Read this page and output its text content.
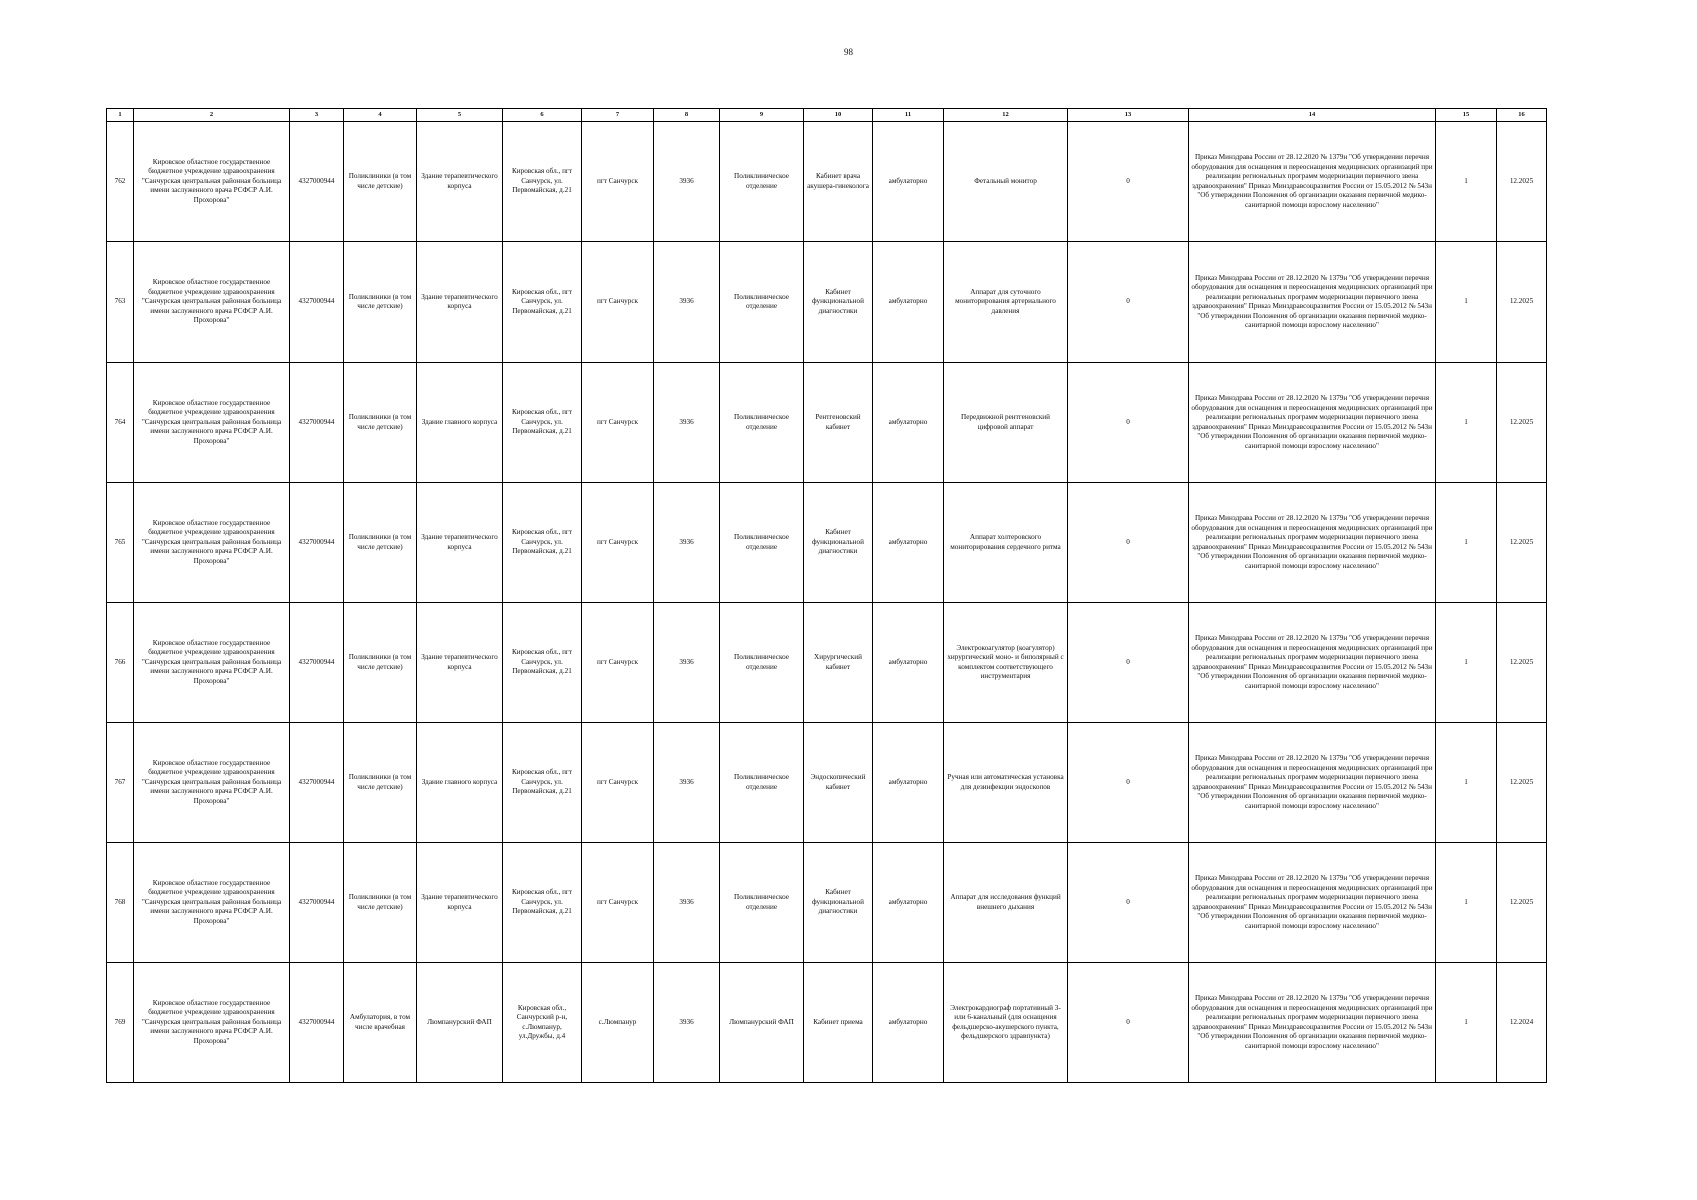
98
1	2	3	4	5	6	7	8	9	10	11	12	13	14	15	16
762	Кировское областное государственное бюджетное учреждение здравоохранения "Санчурская центральная районная больница имени заслуженного врача РСФСР А.И. Прохорова"	4327000944	Поликлиники (в том числе детские)	Здание терапевтического корпуса	Кировская обл., пгт Санчурск, ул. Первомайская, д.21	пгт Санчурск	3936	Поликлиническое отделение	Кабинет врача акушера-гинеколога	амбулаторно	Фетальный монитор	0	Приказ Минздрава России от 28.12.2020 № 1379н "Об утверждении перечня оборудования для оснащения и переоснащения медицинских организаций при реализации региональных программ модернизации первичного звена здравоохранения" Приказ Минздравсоцразвития России от 15.05.2012 № 543н "Об утверждении Положения об организации оказания первичной медико-санитарной помощи взрослому населению"	1	12.2025
763	Кировское областное государственное бюджетное учреждение здравоохранения "Санчурская центральная районная больница имени заслуженного врача РСФСР А.И. Прохорова"	4327000944	Поликлиники (в том числе детские)	Здание терапевтического корпуса	Кировская обл., пгт Санчурск, ул. Первомайская, д.21	пгт Санчурск	3936	Поликлиническое отделение	Кабинет функциональной диагностики	амбулаторно	Аппарат для суточного мониторирования артериального давления	0	Приказ Минздрава России от 28.12.2020 № 1379н "Об утверждении перечня оборудования для оснащения и переоснащения медицинских организаций при реализации региональных программ модернизации первичного звена здравоохранения" Приказ Минздравсоцразвития России от 15.05.2012 № 543н "Об утверждении Положения об организации оказания первичной медико-санитарной помощи взрослому населению"	1	12.2025
764	Кировское областное государственное бюджетное учреждение здравоохранения "Санчурская центральная районная больница имени заслуженного врача РСФСР А.И. Прохорова"	4327000944	Поликлиники (в том числе детские)	Здание главного корпуса	Кировская обл., пгт Санчурск, ул. Первомайская, д.21	пгт Санчурск	3936	Поликлиническое отделение	Рентгеновский кабинет	амбулаторно	Передвижной рентгеновский цифровой аппарат	0	Приказ Минздрава России от 28.12.2020 № 1379н "Об утверждении перечня оборудования для оснащения и переоснащения медицинских организаций при реализации региональных программ модернизации первичного звена здравоохранения" Приказ Минздравсоцразвития России от 15.05.2012 № 543н "Об утверждении Положения об организации оказания первичной медико-санитарной помощи взрослому населению"	1	12.2025
765	Кировское областное государственное бюджетное учреждение здравоохранения "Санчурская центральная районная больница имени заслуженного врача РСФСР А.И. Прохорова"	4327000944	Поликлиники (в том числе детские)	Здание терапевтического корпуса	Кировская обл., пгт Санчурск, ул. Первомайская, д.21	пгт Санчурск	3936	Поликлиническое отделение	Кабинет функциональной диагностики	амбулаторно	Аппарат холтеровского мониторирования сердечного ритма	0	Приказ Минздрава России от 28.12.2020 № 1379н "Об утверждении перечня оборудования для оснащения и переоснащения медицинских организаций при реализации региональных программ модернизации первичного звена здравоохранения" Приказ Минздравсоцразвития России от 15.05.2012 № 543н "Об утверждении Положения об организации оказания первичной медико-санитарной помощи взрослому населению"	1	12.2025
766	Кировское областное государственное бюджетное учреждение здравоохранения "Санчурская центральная районная больница имени заслуженного врача РСФСР А.И. Прохорова"	4327000944	Поликлиники (в том числе детские)	Здание терапевтического корпуса	Кировская обл., пгт Санчурск, ул. Первомайская, д.21	пгт Санчурск	3936	Поликлиническое отделение	Хирургический кабинет	амбулаторно	Электрокоагулятор (коагулятор) хирургический моно- и биполярный с комплектом соответствующего инструментария	0	Приказ Минздрава России от 28.12.2020 № 1379н "Об утверждении перечня оборудования для оснащения и переоснащения медицинских организаций при реализации региональных программ модернизации первичного звена здравоохранения" Приказ Минздравсоцразвития России от 15.05.2012 № 543н "Об утверждении Положения об организации оказания первичной медико-санитарной помощи взрослому населению"	1	12.2025
767	Кировское областное государственное бюджетное учреждение здравоохранения "Санчурская центральная районная больница имени заслуженного врача РСФСР А.И. Прохорова"	4327000944	Поликлиники (в том числе детские)	Здание главного корпуса	Кировская обл., пгт Санчурск, ул. Первомайская, д.21	пгт Санчурск	3936	Поликлиническое отделение	Эндоскопический кабинет	амбулаторно	Ручная или автоматическая установка для дезинфекции эндоскопов	0	Приказ Минздрава России от 28.12.2020 № 1379н "Об утверждении перечня оборудования для оснащения и переоснащения медицинских организаций при реализации региональных программ модернизации первичного звена здравоохранения" Приказ Минздравсоцразвития России от 15.05.2012 № 543н "Об утверждении Положения об организации оказания первичной медико-санитарной помощи взрослому населению"	1	12.2025
768	Кировское областное государственное бюджетное учреждение здравоохранения "Санчурская центральная районная больница имени заслуженного врача РСФСР А.И. Прохорова"	4327000944	Поликлиники (в том числе детские)	Здание терапевтического корпуса	Кировская обл., пгт Санчурск, ул. Первомайская, д.21	пгт Санчурск	3936	Поликлиническое отделение	Кабинет функциональной диагностики	амбулаторно	Аппарат для исследования функций внешнего дыхания	0	Приказ Минздрава России от 28.12.2020 № 1379н "Об утверждении перечня оборудования для оснащения и переоснащения медицинских организаций при реализации региональных программ модернизации первичного звена здравоохранения" Приказ Минздравсоцразвития России от 15.05.2012 № 543н "Об утверждении Положения об организации оказания первичной медико-санитарной помощи взрослому населению"	1	12.2025
769	Кировское областное государственное бюджетное учреждение здравоохранения "Санчурская центральная районная больница имени заслуженного врача РСФСР А.И. Прохорова"	4327000944	Амбулатория, в том числе врачебная	Люмпанурский ФАП	Кировская обл., Санчурский р-н, с.Люмпанур, ул.Дружбы, д.4	с.Люмпанур	3936	Люмпанурский ФАП	Кабинет приема	амбулаторно	Электрокардиограф портативный 3- или 6-канальный (для оснащения фельдшерско-акушерского пункта, фельдшерского здравпункта)	0	Приказ Минздрава России от 28.12.2020 № 1379н "Об утверждении перечня оборудования для оснащения и переоснащения медицинских организаций при реализации региональных программ модернизации первичного звена здравоохранения" Приказ Минздравсоцразвития России от 15.05.2012 № 543н "Об утверждении Положения об организации оказания первичной медико-санитарной помощи взрослому населению"	1	12.2024
